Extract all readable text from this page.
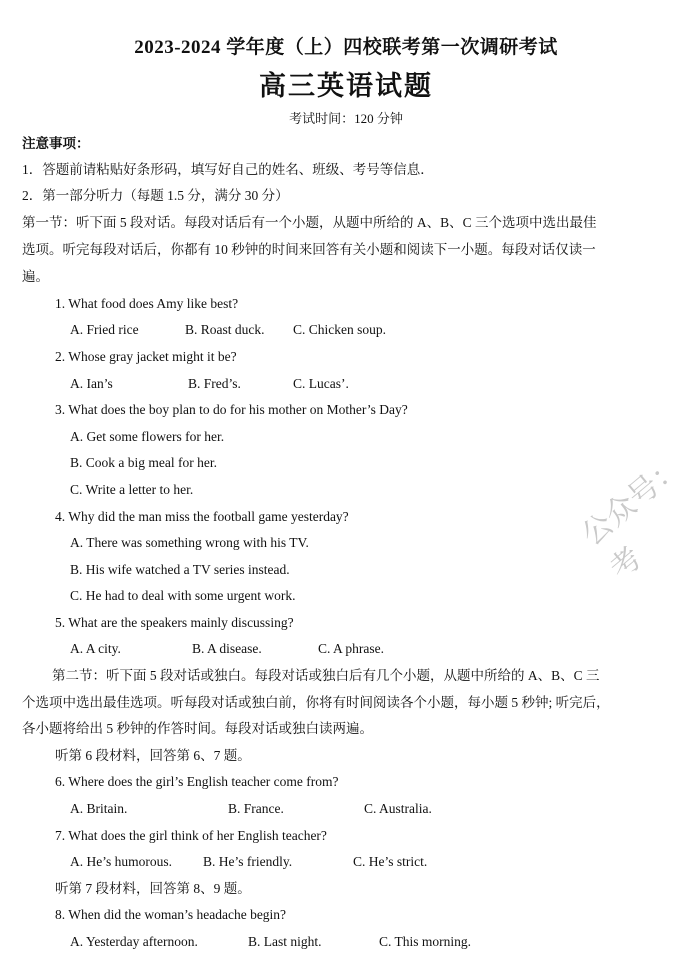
2023-2024 学年度（上）四校联考第一次调研考试
高三英语试题
考试时间：120 分钟
注意事项：
1．答题前请粘贴好条形码，填写好自己的姓名、班级、考号等信息．
2．第一部分听力（每题 1.5 分，满分 30 分）
第一节：听下面 5 段对话。每段对话后有一个小题，从题中所给的 A、B、C 三个选项中选出最佳
选项。听完每段对话后，你都有 10 秒钟的时间来回答有关小题和阅读下一小题。每段对话仅读一
遍。
1. What food does Amy like best?
A. Fried rice	B. Roast duck.	C. Chicken soup.
2. Whose gray jacket might it be?
A. Ian’s	B. Fred’s.	C. Lucas’.
3. What does the boy plan to do for his mother on Mother’s Day?
A. Get some flowers for her.
B. Cook a big meal for her.
C. Write a letter to her.
4. Why did the man miss the football game yesterday?
A. There was something wrong with his TV.
B. His wife watched a TV series instead.
C. He had to deal with some urgent work.
5. What are the speakers mainly discussing?
A. A city.	B. A disease.	C. A phrase.
第二节：听下面 5 段对话或独白。每段对话或独白后有几个小题，从题中所给的 A、B、C 三
个选项中选出最佳选项。听每段对话或独白前，你将有时间阅读各个小题，每小题 5 秒钟; 听完后，
各小题将给出 5 秒钟的作答时间。每段对话或独白读两遍。
听第 6 段材料，回答第 6、7 题。
6. Where does the girl’s English teacher come from?
A. Britain.	B. France.	C. Australia.
7. What does the girl think of her English teacher?
A. He’s humorous.	B. He’s friendly.	C. He’s strict.
听第 7 段材料，回答第 8、9 题。
8. When did the woman’s headache begin?
A. Yesterday afternoon.	B. Last night.	C. This morning.
公众号：考
